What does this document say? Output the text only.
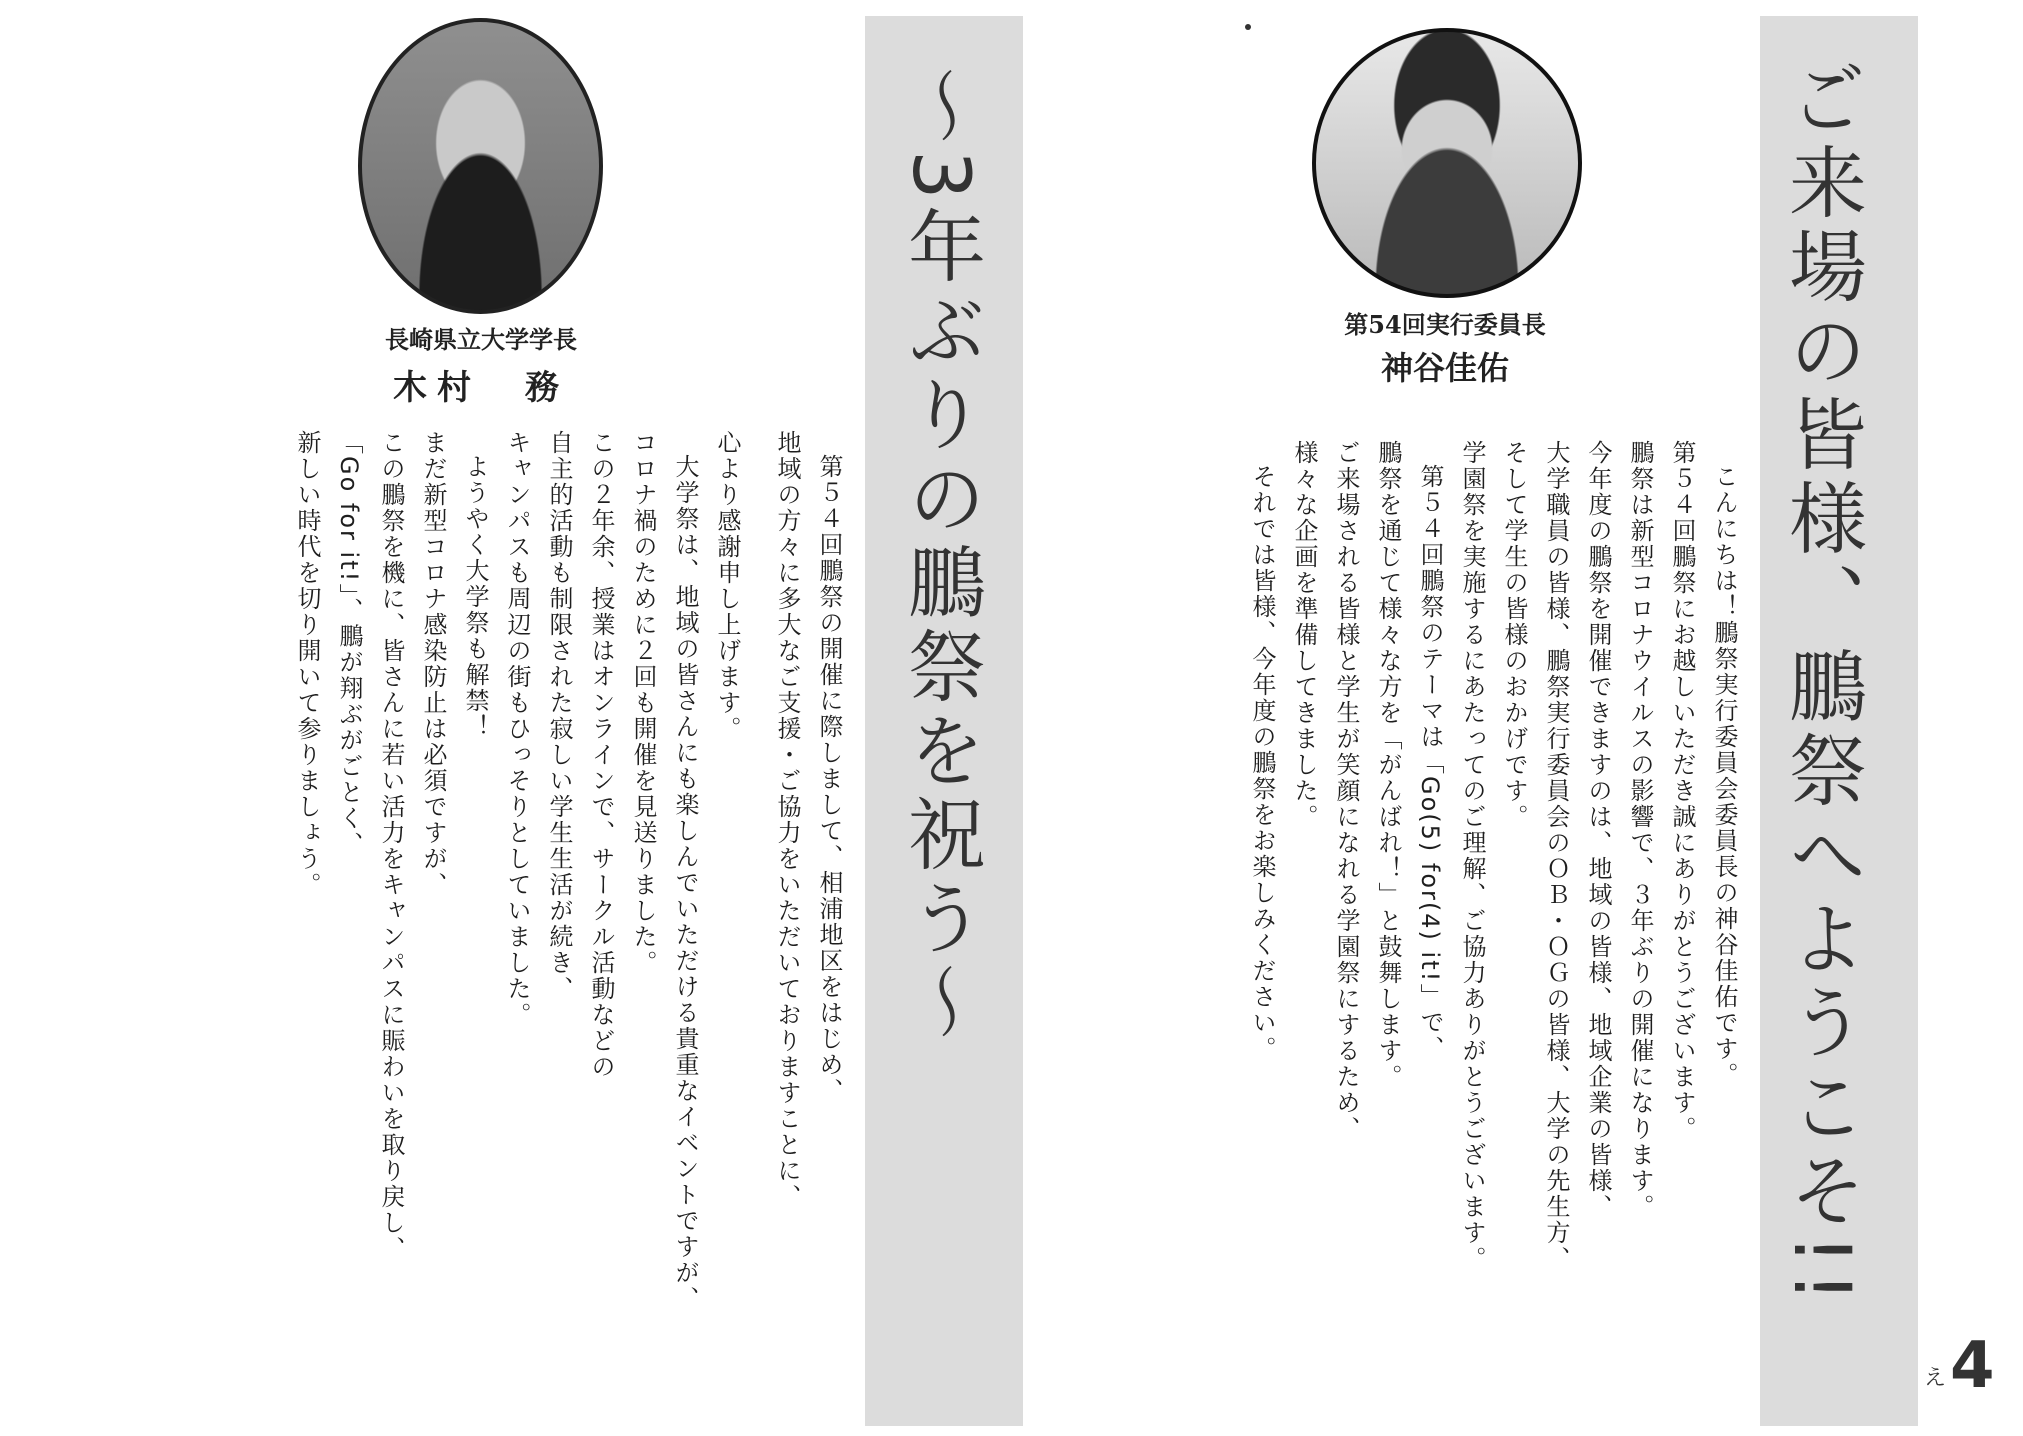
ご来場の皆様、鵬祭へようこそ!!
第54回実行委員長
神谷佳佑
こんにちは！鵬祭実行委員会委員長の神谷佳佑です。
第５４回鵬祭にお越しいただき誠にありがとうございます。
鵬祭は新型コロナウイルスの影響で、３年ぶりの開催になります。
今年度の鵬祭を開催できますのは、地域の皆様、地域企業の皆様、
大学職員の皆様、鵬祭実行委員会のＯＢ・ＯＧの皆様、大学の先生方、
そして学生の皆様のおかげです。
学園祭を実施するにあたってのご理解、ご協力ありがとうございます。
第５４回鵬祭のテーマは「Go(5) for(4) it!」で、
鵬祭を通じて様々な方を「がんばれ！」と鼓舞します。
ご来場される皆様と学生が笑顔になれる学園祭にするため、
様々な企画を準備してきました。
それでは皆様、今年度の鵬祭をお楽しみください。
～3年ぶりの鵬祭を祝う～
長崎県立大学学長
木村　務
第５４回鵬祭の開催に際しまして、相浦地区をはじめ、
地域の方々に多大なご支援・ご協力をいただいておりますことに、
心より感謝申し上げます。
大学祭は、地域の皆さんにも楽しんでいただける貴重なイベントですが、
コロナ禍のために２回も開催を見送りました。
この２年余、授業はオンラインで、サークル活動などの
自主的活動も制限された寂しい学生生活が続き、
キャンパスも周辺の街もひっそりとしていました。
ようやく大学祭も解禁！
まだ新型コロナ感染防止は必須ですが、
この鵬祭を機に、皆さんに若い活力をキャンパスに賑わいを取り戻し、
「Go for it!」、鵬が翔ぶがごとく、
新しい時代を切り開いて参りましょう。
え 4
